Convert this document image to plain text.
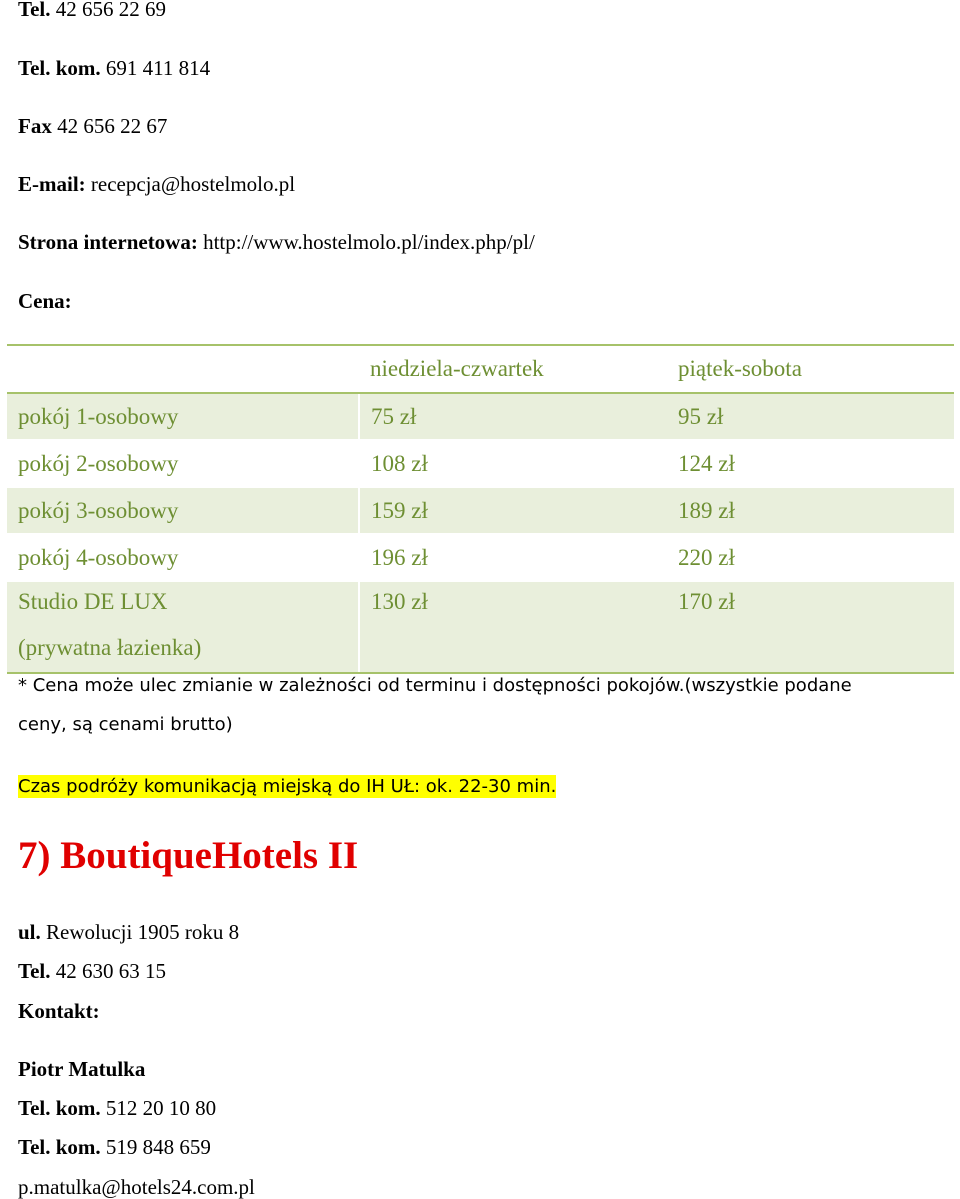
Tel. 42 656 22 69
Tel. kom. 691 411 814
Fax 42 656 22 67
E-mail: recepcja@hostelmolo.pl
Strona internetowa: http://www.hostelmolo.pl/index.php/pl/
Cena:
	niedziela-czwartek	piątek-sobota
pokój 1-osobowy	75 zł	95 zł
pokój 2-osobowy	108 zł	124 zł
pokój 3-osobowy	159 zł	189 zł
pokój 4-osobowy	196 zł	220 zł

Studio DE LUX
(prywatna łazienka)	130 zł	170 zł
* Cena może ulec zmianie w zależności od terminu i dostępności pokojów.(wszystkie podane
ceny, są cenami brutto)
Czas podróży komunikacją miejską do IH UŁ: ok. 22-30 min.
7) BoutiqueHotels II
ul. Rewolucji 1905 roku 8
Tel. 42 630 63 15
Kontakt:
Piotr Matulka
Tel. kom. 512 20 10 80
Tel. kom. 519 848 659
p.matulka@hotels24.com.pl
